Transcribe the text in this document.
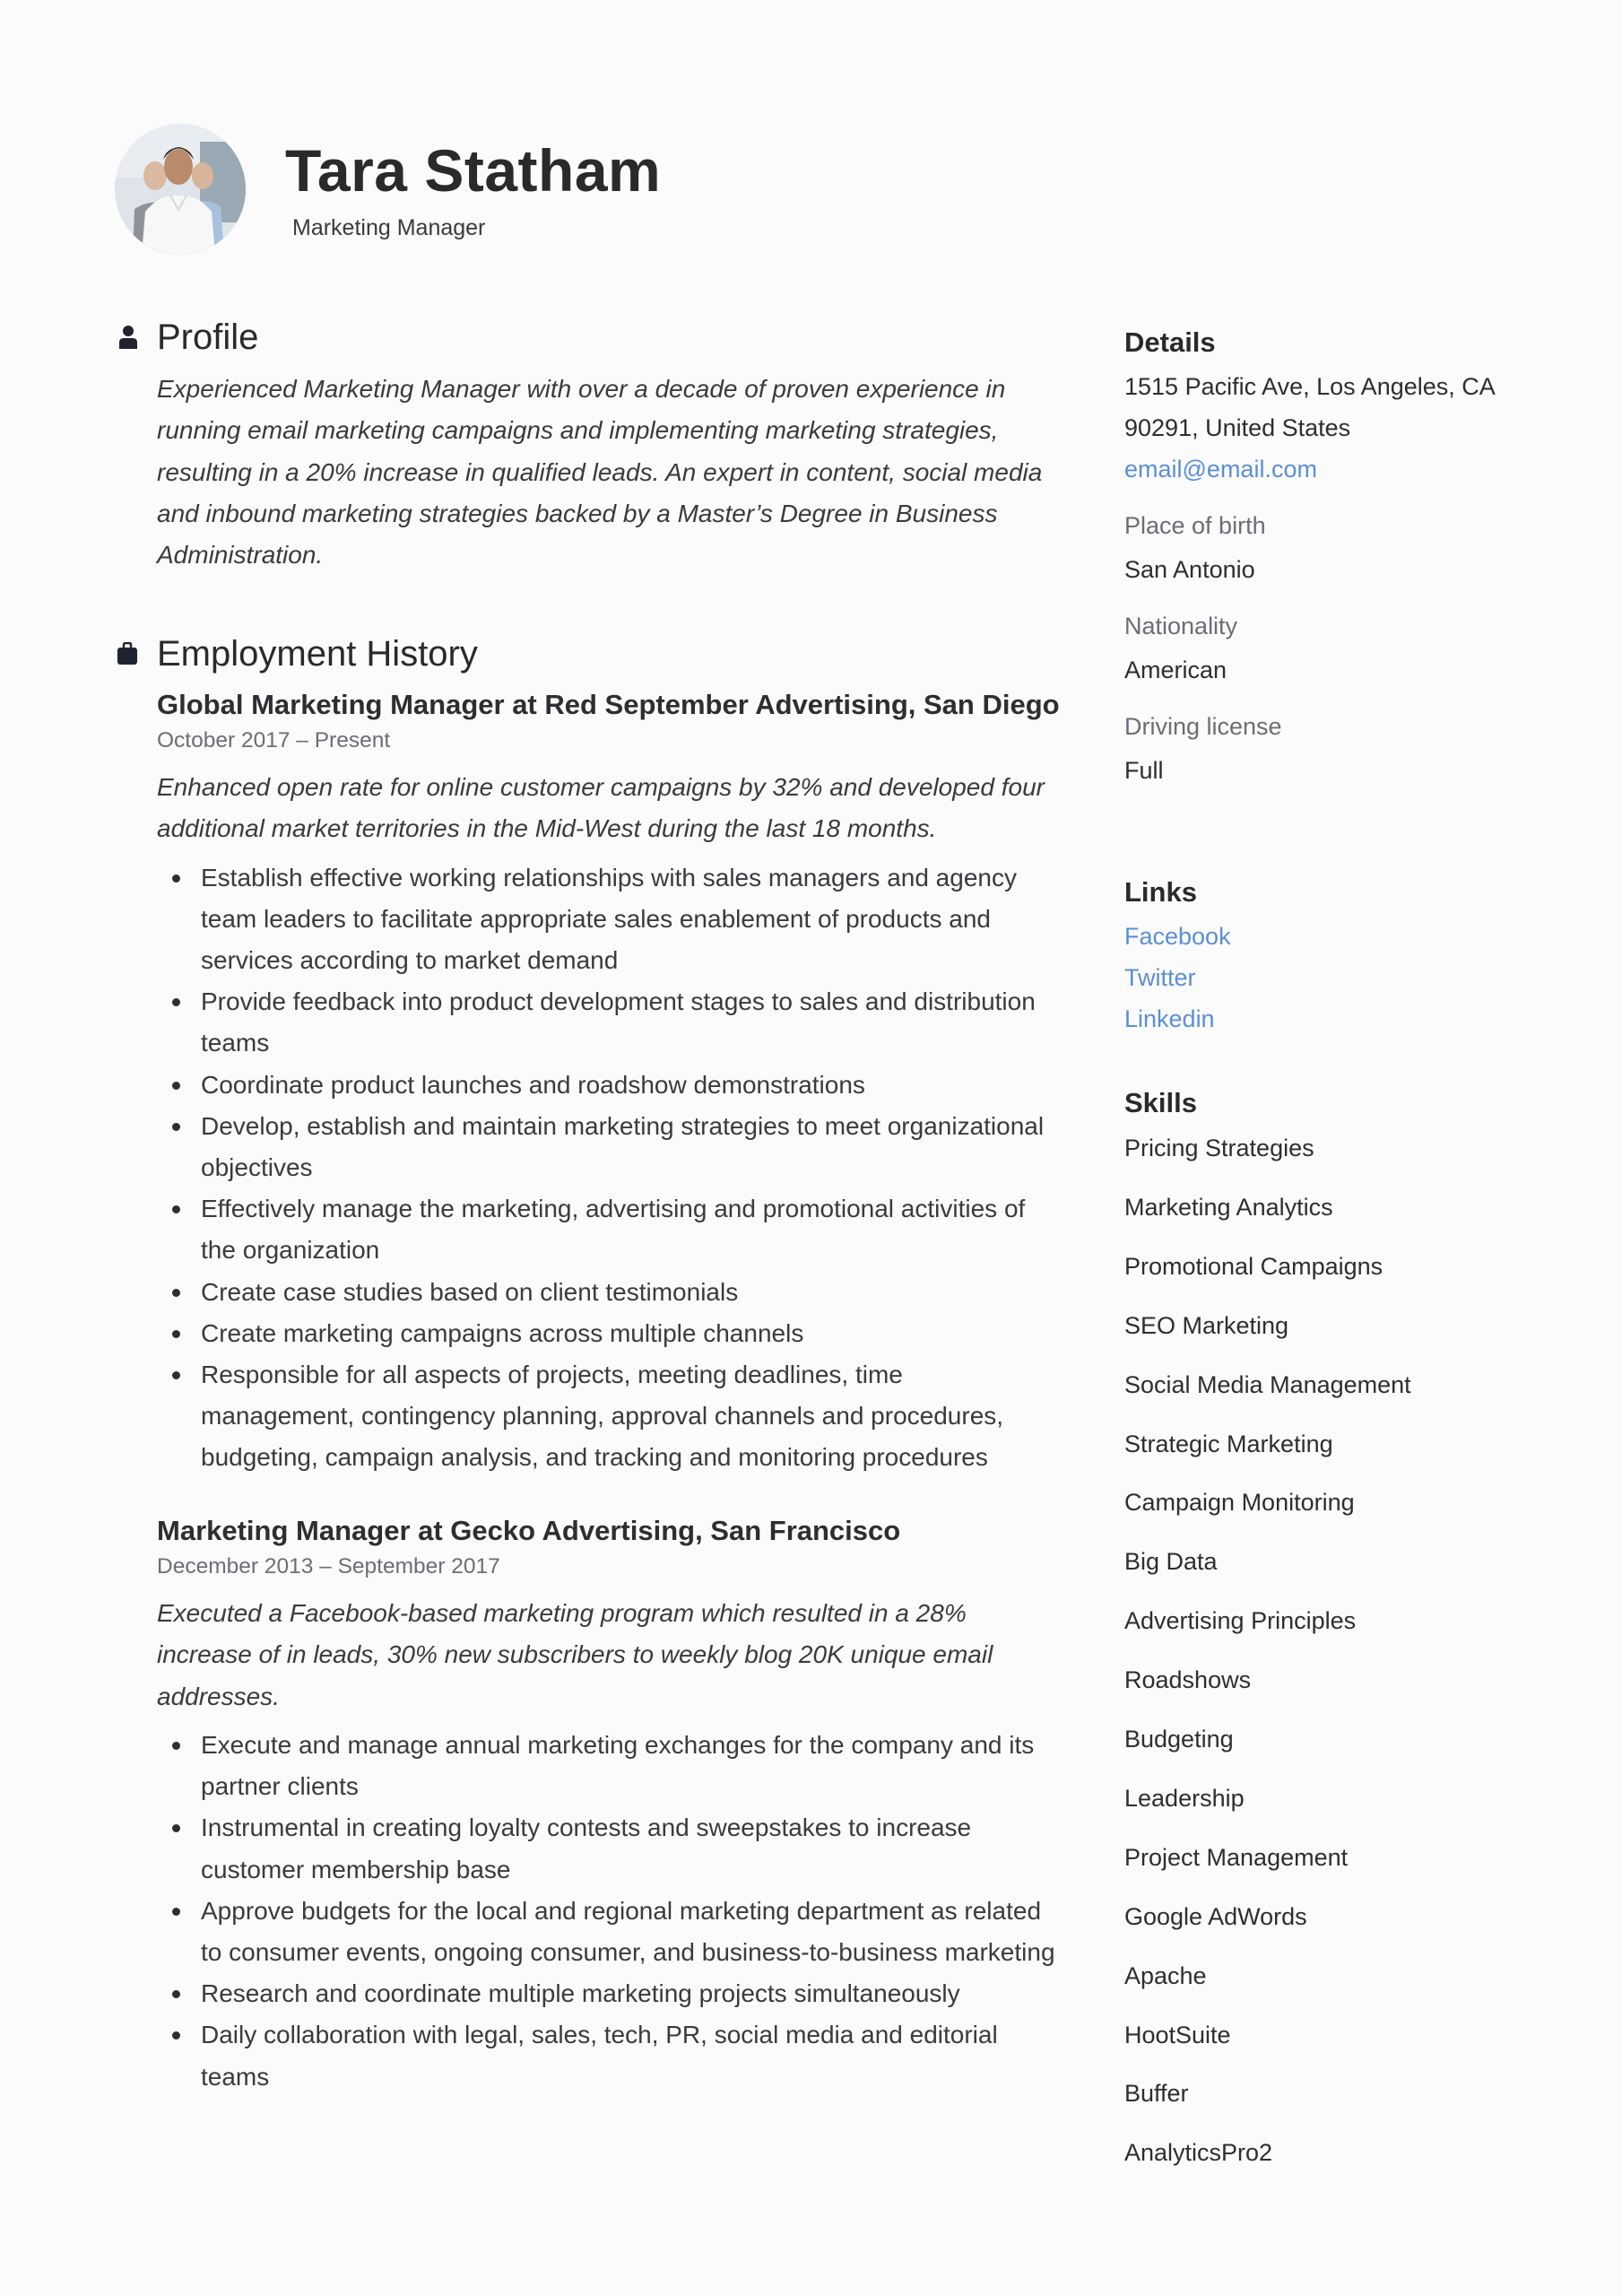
Tara Statham
Marketing Manager
Profile
Experienced Marketing Manager with over a decade of proven experience in
running email marketing campaigns and implementing marketing strategies,
resulting in a 20% increase in qualified leads. An expert in content, social media
and inbound marketing strategies backed by a Master’s Degree in Business
Administration.
Employment History
Global Marketing Manager at Red September Advertising, San Diego
October 2017 – Present
Enhanced open rate for online customer campaigns by 32% and developed four
additional market territories in the Mid-West during the last 18 months.
Establish effective working relationships with sales managers and agency team leaders to facilitate appropriate sales enablement of products and services according to market demand
Provide feedback into product development stages to sales and distribution teams
Coordinate product launches and roadshow demonstrations
Develop, establish and maintain marketing strategies to meet organizational objectives
Effectively manage the marketing, advertising and promotional activities of the organization
Create case studies based on client testimonials
Create marketing campaigns across multiple channels
Responsible for all aspects of projects, meeting deadlines, time management, contingency planning, approval channels and procedures, budgeting, campaign analysis, and tracking and monitoring procedures
Marketing Manager at Gecko Advertising, San Francisco
December 2013 – September 2017
Executed a Facebook-based marketing program which resulted in a 28%
increase of in leads, 30% new subscribers to weekly blog 20K unique email
addresses.
Execute and manage annual marketing exchanges for the company and its partner clients
Instrumental in creating loyalty contests and sweepstakes to increase customer membership base
Approve budgets for the local and regional marketing department as related to consumer events, ongoing consumer, and business-to-business marketing
Research and coordinate multiple marketing projects simultaneously
Daily collaboration with legal, sales, tech, PR, social media and editorial teams
Details
1515 Pacific Ave, Los Angeles, CA
90291, United States
email@email.com
Place of birth
San Antonio
Nationality
American
Driving license
Full
Links
Facebook
Twitter
Linkedin
Skills
Pricing Strategies
Marketing Analytics
Promotional Campaigns
SEO Marketing
Social Media Management
Strategic Marketing
Campaign Monitoring
Big Data
Advertising Principles
Roadshows
Budgeting
Leadership
Project Management
Google AdWords
Apache
HootSuite
Buffer
AnalyticsPro2
